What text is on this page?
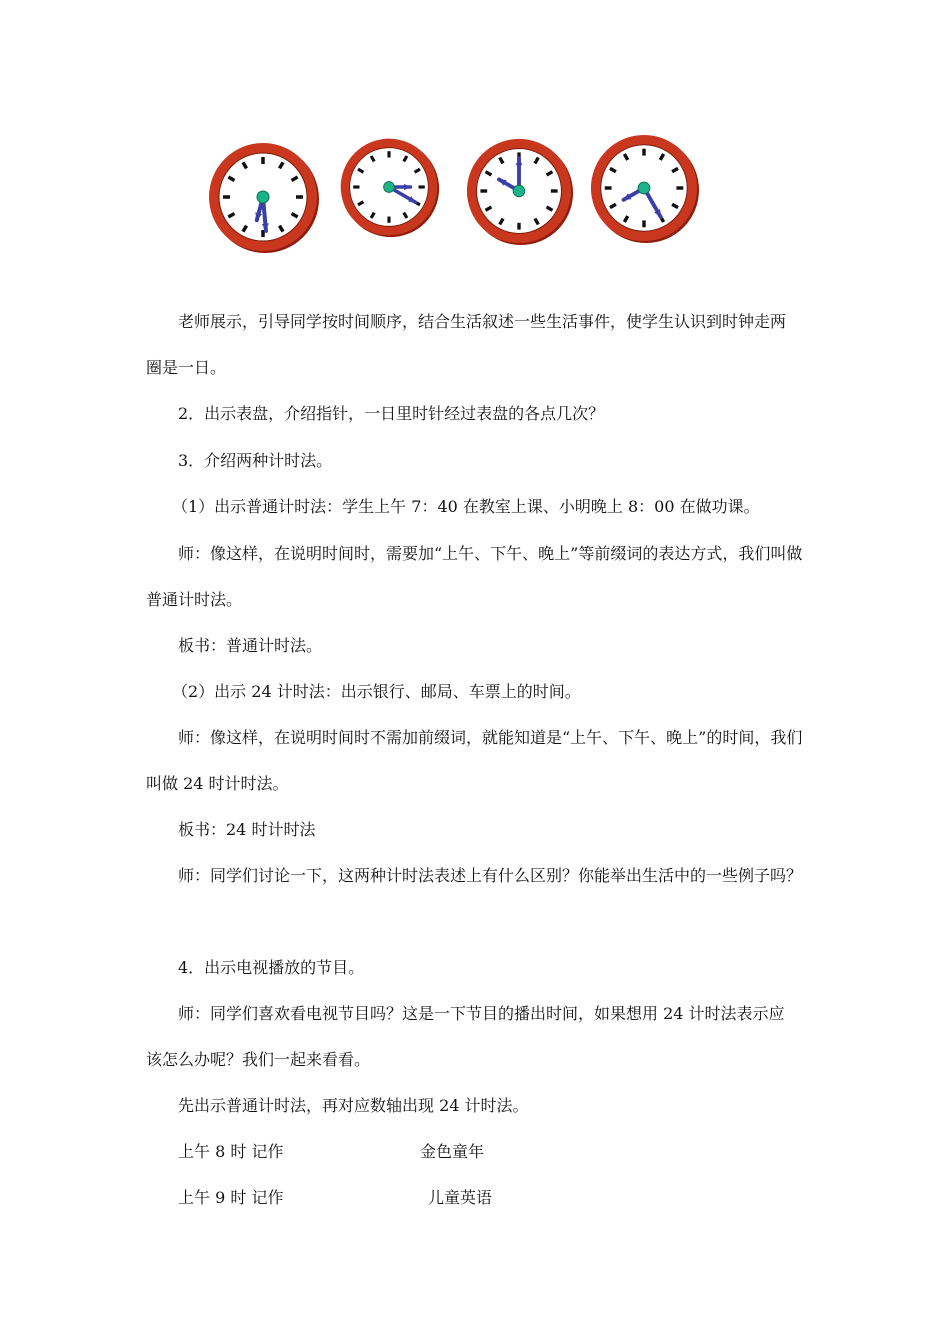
老师展示，引导同学按时间顺序，结合生活叙述一些生活事件，使学生认识到时钟走两
圈是一日。
2．出示表盘，介绍指针，一日里时针经过表盘的各点几次？
3．介绍两种计时法。
（1）出示普通计时法：学生上午 7：40 在教室上课、小明晚上 8：00 在做功课。
师：像这样，在说明时间时，需要加“上午、下午、晚上”等前缀词的表达方式，我们叫做
普通计时法。
板书：普通计时法。
（2）出示 24 计时法：出示银行、邮局、车票上的时间。
师：像这样，在说明时间时不需加前缀词，就能知道是“上午、下午、晚上”的时间，我们
叫做 24 时计时法。
板书：24 时计时法
师：同学们讨论一下，这两种计时法表述上有什么区别？你能举出生活中的一些例子吗？
4．出示电视播放的节目。
师：同学们喜欢看电视节目吗？这是一下节目的播出时间，如果想用 24 计时法表示应
该怎么办呢？我们一起来看看。
先出示普通计时法，再对应数轴出现 24 计时法。
上午 8 时 记作	金色童年
上午 9 时 记作	儿童英语
